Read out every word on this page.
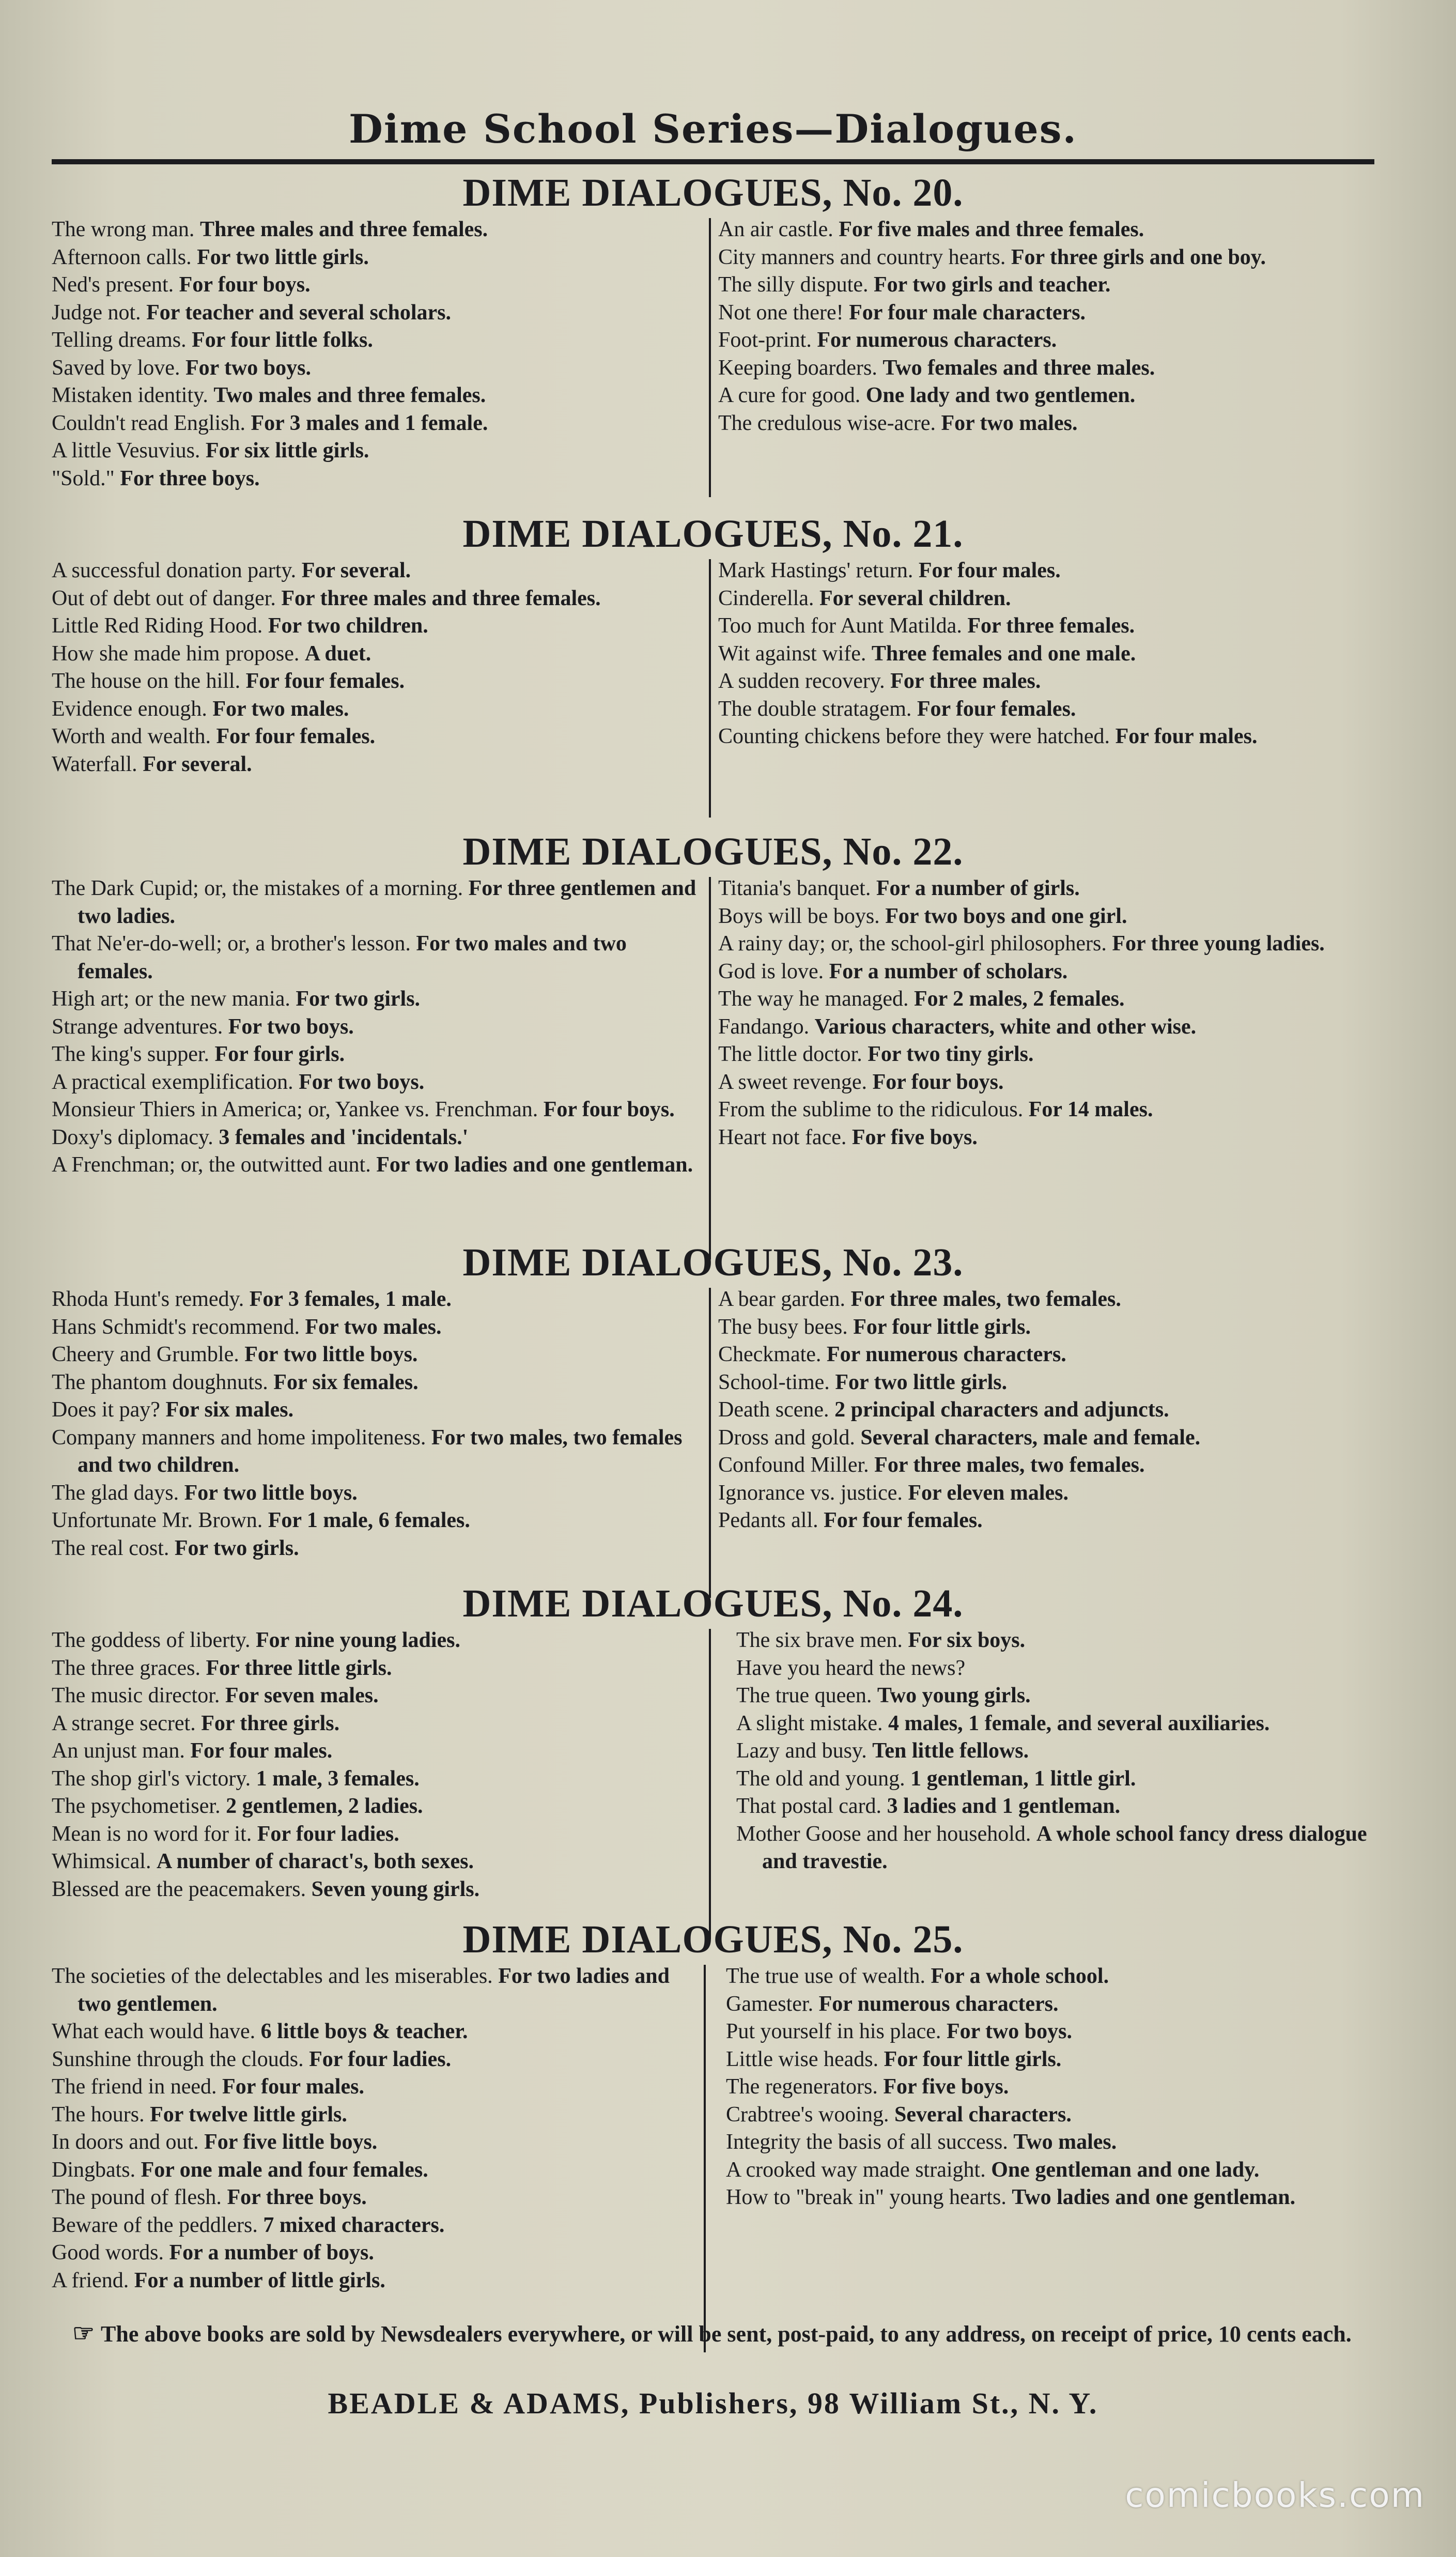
Dime School Series—Dialogues.
DIME DIALOGUES, No. 20.
The wrong man. Three males and three females.
Afternoon calls. For two little girls.
Ned's present. For four boys.
Judge not. For teacher and several scholars.
Telling dreams. For four little folks.
Saved by love. For two boys.
Mistaken identity. Two males and three females.
Couldn't read English. For 3 males and 1 female.
A little Vesuvius. For six little girls.
"Sold." For three boys.
An air castle. For five males and three females.
City manners and country hearts. For three girls and one boy.
The silly dispute. For two girls and teacher.
Not one there! For four male characters.
Foot-print. For numerous characters.
Keeping boarders. Two females and three males.
A cure for good. One lady and two gentlemen.
The credulous wise-acre. For two males.
DIME DIALOGUES, No. 21.
A successful donation party. For several.
Out of debt out of danger. For three males and three females.
Little Red Riding Hood. For two children.
How she made him propose. A duet.
The house on the hill. For four females.
Evidence enough. For two males.
Worth and wealth. For four females.
Waterfall. For several.
Mark Hastings' return. For four males.
Cinderella. For several children.
Too much for Aunt Matilda. For three females.
Wit against wife. Three females and one male.
A sudden recovery. For three males.
The double stratagem. For four females.
Counting chickens before they were hatched. For four males.
DIME DIALOGUES, No. 22.
The Dark Cupid; or, the mistakes of a morning. For three gentlemen and two ladies.
That Ne'er-do-well; or, a brother's lesson. For two males and two females.
High art; or the new mania. For two girls.
Strange adventures. For two boys.
The king's supper. For four girls.
A practical exemplification. For two boys.
Monsieur Thiers in America; or, Yankee vs. Frenchman. For four boys.
Doxy's diplomacy. 3 females and 'incidentals.'
A Frenchman; or, the outwitted aunt. For two ladies and one gentleman.
Titania's banquet. For a number of girls.
Boys will be boys. For two boys and one girl.
A rainy day; or, the school-girl philosophers. For three young ladies.
God is love. For a number of scholars.
The way he managed. For 2 males, 2 females.
Fandango. Various characters, white and other wise.
The little doctor. For two tiny girls.
A sweet revenge. For four boys.
From the sublime to the ridiculous. For 14 males.
Heart not face. For five boys.
DIME DIALOGUES, No. 23.
Rhoda Hunt's remedy. For 3 females, 1 male.
Hans Schmidt's recommend. For two males.
Cheery and Grumble. For two little boys.
The phantom doughnuts. For six females.
Does it pay? For six males.
Company manners and home impoliteness. For two males, two females and two children.
The glad days. For two little boys.
Unfortunate Mr. Brown. For 1 male, 6 females.
The real cost. For two girls.
A bear garden. For three males, two females.
The busy bees. For four little girls.
Checkmate. For numerous characters.
School-time. For two little girls.
Death scene. 2 principal characters and adjuncts.
Dross and gold. Several characters, male and female.
Confound Miller. For three males, two females.
Ignorance vs. justice. For eleven males.
Pedants all. For four females.
DIME DIALOGUES, No. 24.
The goddess of liberty. For nine young ladies.
The three graces. For three little girls.
The music director. For seven males.
A strange secret. For three girls.
An unjust man. For four males.
The shop girl's victory. 1 male, 3 females.
The psychometiser. 2 gentlemen, 2 ladies.
Mean is no word for it. For four ladies.
Whimsical. A number of charact's, both sexes.
Blessed are the peacemakers. Seven young girls.
The six brave men. For six boys.
Have you heard the news?
The true queen. Two young girls.
A slight mistake. 4 males, 1 female, and several auxiliaries.
Lazy and busy. Ten little fellows.
The old and young. 1 gentleman, 1 little girl.
That postal card. 3 ladies and 1 gentleman.
Mother Goose and her household. A whole school fancy dress dialogue and travestie.
DIME DIALOGUES, No. 25.
The societies of the delectables and les miserables. For two ladies and two gentlemen.
What each would have. 6 little boys & teacher.
Sunshine through the clouds. For four ladies.
The friend in need. For four males.
The hours. For twelve little girls.
In doors and out. For five little boys.
Dingbats. For one male and four females.
The pound of flesh. For three boys.
Beware of the peddlers. 7 mixed characters.
Good words. For a number of boys.
A friend. For a number of little girls.
The true use of wealth. For a whole school.
Gamester. For numerous characters.
Put yourself in his place. For two boys.
Little wise heads. For four little girls.
The regenerators. For five boys.
Crabtree's wooing. Several characters.
Integrity the basis of all success. Two males.
A crooked way made straight. One gentleman and one lady.
How to "break in" young hearts. Two ladies and one gentleman.
☞ The above books are sold by Newsdealers everywhere, or will be sent, post-paid, to any address, on receipt of price, 10 cents each.
BEADLE & ADAMS, Publishers, 98 William St., N. Y.
comicbooks.com
